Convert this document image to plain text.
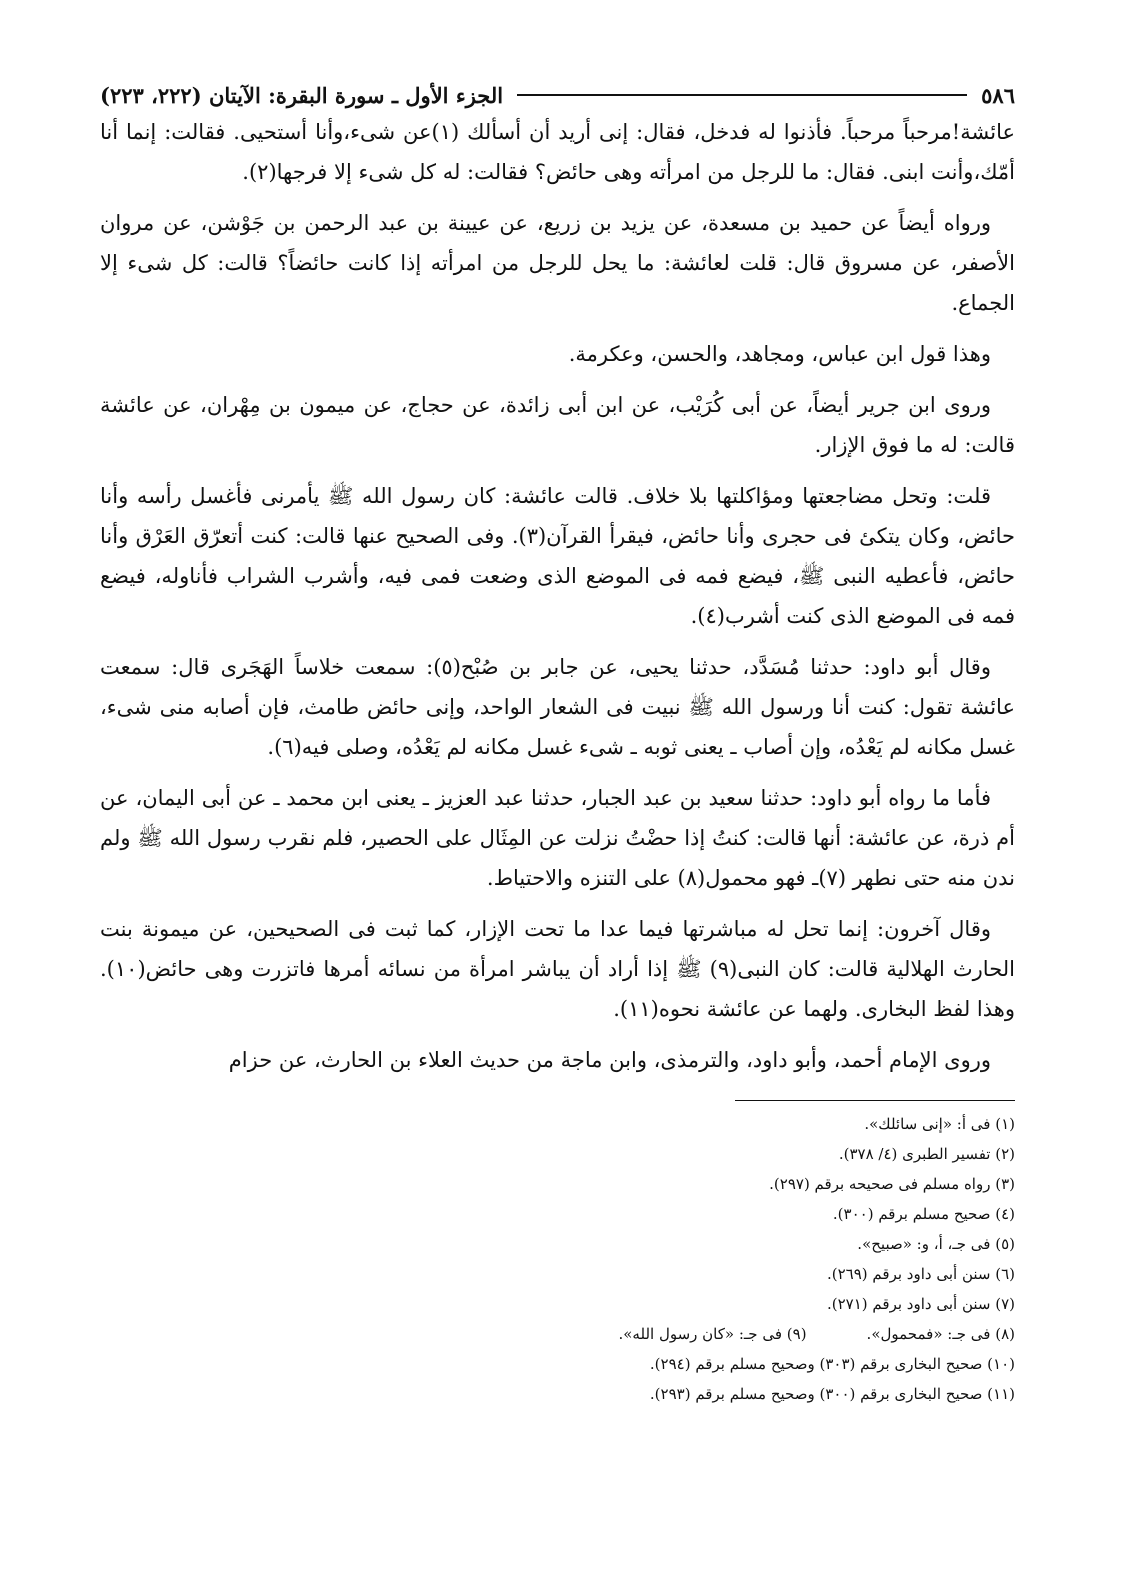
٥٨٦
الجزء الأول ـ سورة البقرة: الآيتان (٢٢٢، ٢٢٣)

عائشة!مرحباً مرحباً. فأذنوا له فدخل، فقال: إنى أريد أن أسألك (١)عن شىء،وأنا أستحيى. فقالت: إنما أنا أمّك،وأنت ابنى. فقال: ما للرجل من امرأته وهى حائض؟ فقالت: له كل شىء إلا فرجها(٢).

ورواه أيضاً عن حميد بن مسعدة، عن يزيد بن زريع، عن عيينة بن عبد الرحمن بن جَوْشن، عن مروان الأصفر، عن مسروق قال: قلت لعائشة: ما يحل للرجل من امرأته إذا كانت حائضاً؟ قالت: كل شىء إلا الجماع.

وهذا قول ابن عباس، ومجاهد، والحسن، وعكرمة.

وروى ابن جرير أيضاً، عن أبى كُرَيْب، عن ابن أبى زائدة، عن حجاج، عن ميمون بن مِهْران، عن عائشة قالت: له ما فوق الإزار.

قلت: وتحل مضاجعتها ومؤاكلتها بلا خلاف. قالت عائشة: كان رسول الله ﷺ يأمرنى فأغسل رأسه وأنا حائض، وكان يتكئ فى حجرى وأنا حائض، فيقرأ القرآن(٣). وفى الصحيح عنها قالت: كنت أتعرّق العَرْق وأنا حائض، فأعطيه النبى ﷺ، فيضع فمه فى الموضع الذى وضعت فمى فيه، وأشرب الشراب فأناوله، فيضع فمه فى الموضع الذى كنت أشرب(٤).

وقال أبو داود: حدثنا مُسَدَّد، حدثنا يحيى، عن جابر بن صُبْح(٥): سمعت خلاساً الهَجَرى قال: سمعت عائشة تقول: كنت أنا ورسول الله ﷺ نبيت فى الشعار الواحد، وإنى حائض طامث، فإن أصابه منى شىء، غسل مكانه لم يَعْدُه، وإن أصاب ـ يعنى ثوبه ـ شىء غسل مكانه لم يَعْدُه، وصلى فيه(٦).

فأما ما رواه أبو داود: حدثنا سعيد بن عبد الجبار، حدثنا عبد العزيز ـ يعنى ابن محمد ـ عن أبى اليمان، عن أم ذرة، عن عائشة: أنها قالت: كنتُ إذا حضْتُ نزلت عن المِثَال على الحصير، فلم نقرب رسول الله ﷺ ولم ندن منه حتى نطهر (٧)ـ فهو محمول(٨) على التنزه والاحتياط.

وقال آخرون: إنما تحل له مباشرتها فيما عدا ما تحت الإزار، كما ثبت فى الصحيحين، عن ميمونة بنت الحارث الهلالية قالت: كان النبى(٩) ﷺ إذا أراد أن يباشر امرأة من نسائه أمرها فاتزرت وهى حائض(١٠). وهذا لفظ البخارى. ولهما عن عائشة نحوه(١١).

وروى الإمام أحمد، وأبو داود، والترمذى، وابن ماجة من حديث العلاء بن الحارث، عن حزام

(١) فى أ: «إنى سائلك».

(٢) تفسير الطبرى (٤/ ٣٧٨).

(٣) رواه مسلم فى صحيحه برقم (٢٩٧).

(٤) صحيح مسلم برقم (٣٠٠).

(٥) فى جـ، أ، و: «صبيح».

(٦) سنن أبى داود برقم (٢٦٩).

(٧) سنن أبى داود برقم (٢٧١).

(٨) فى جـ: «فمحمول».
(٩) فى جـ: «كان رسول الله».

(١٠) صحيح البخارى برقم (٣٠٣) وصحيح مسلم برقم (٢٩٤).

(١١) صحيح البخارى برقم (٣٠٠) وصحيح مسلم برقم (٢٩٣).
